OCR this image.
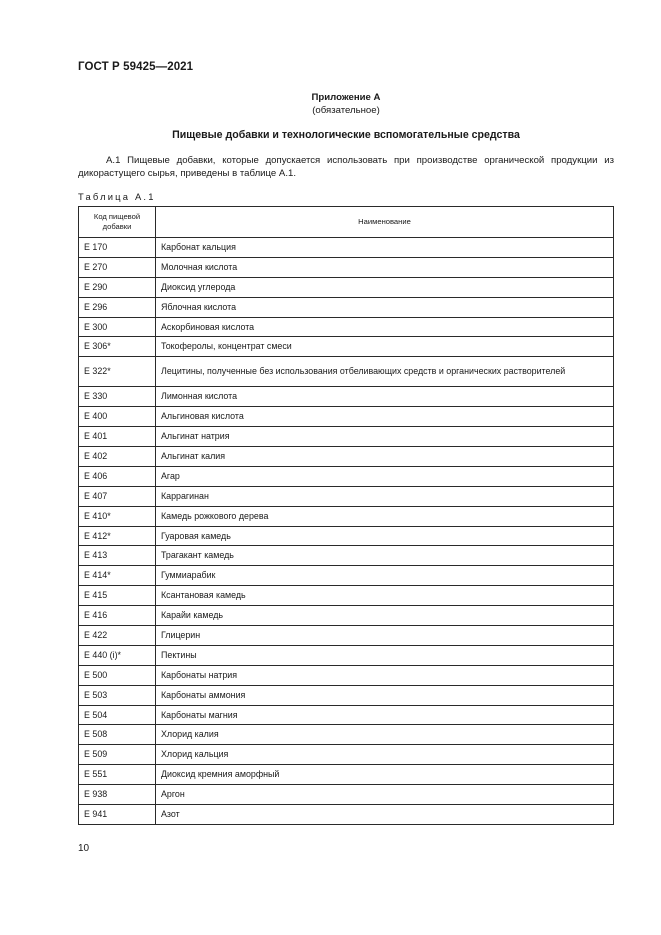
ГОСТ Р 59425—2021
Приложение А
(обязательное)
Пищевые добавки и технологические вспомогательные средства
А.1 Пищевые добавки, которые допускается использовать при производстве органической продукции из дикорастущего сырья, приведены в таблице А.1.
Таблица А.1
Код пищевой добавки	Наименование
Е 170	Карбонат кальция
Е 270	Молочная кислота
Е 290	Диоксид углерода
Е 296	Яблочная кислота
Е 300	Аскорбиновая кислота
Е 306*	Токоферолы, концентрат смеси
Е 322*	Лецитины, полученные без использования отбеливающих средств и органических растворителей
Е 330	Лимонная кислота
Е 400	Альгиновая кислота
Е 401	Альгинат натрия
Е 402	Альгинат калия
Е 406	Агар
Е 407	Каррагинан
Е 410*	Камедь рожкового дерева
Е 412*	Гуаровая камедь
Е 413	Трагакант камедь
Е 414*	Гуммиарабик
Е 415	Ксантановая камедь
Е 416	Карайи камедь
Е 422	Глицерин
Е 440 (i)*	Пектины
Е 500	Карбонаты натрия
Е 503	Карбонаты аммония
Е 504	Карбонаты магния
Е 508	Хлорид калия
Е 509	Хлорид кальция
Е 551	Диоксид кремния аморфный
Е 938	Аргон
Е 941	Азот
10
